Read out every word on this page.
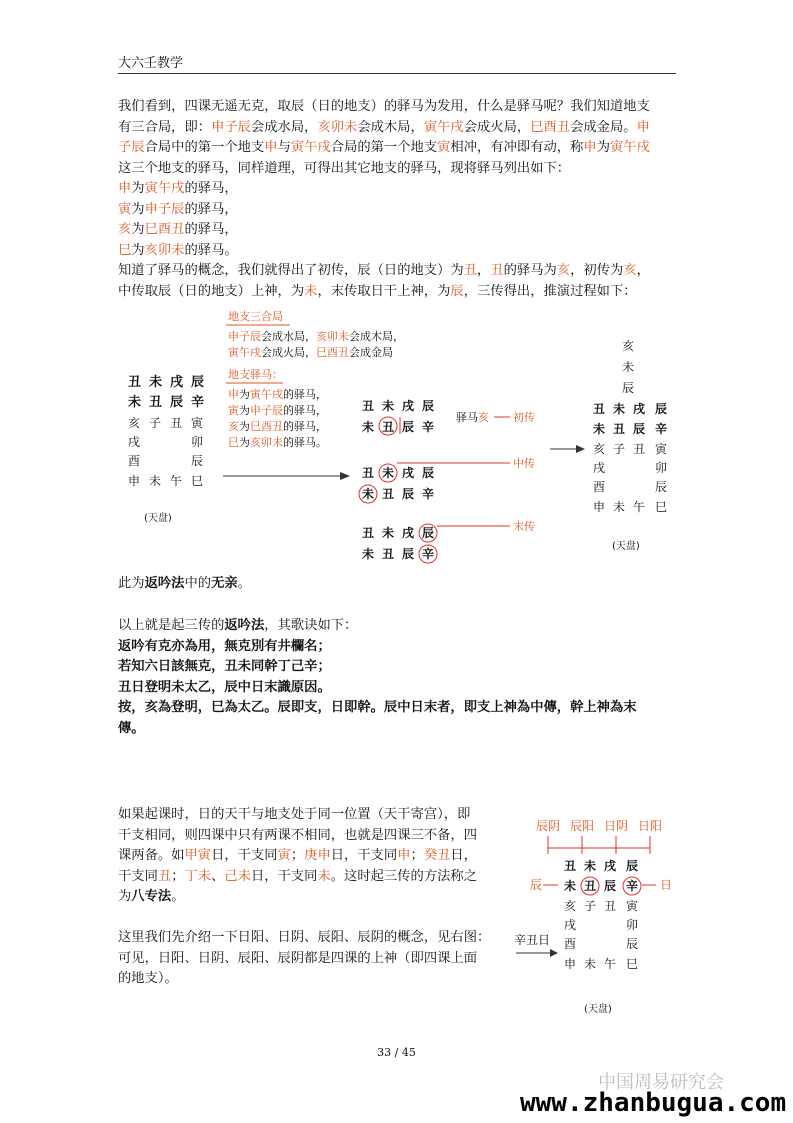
大六壬教学

我们看到，四课无遥无克，取辰（日的地支）的驿马为发用，什么是驿马呢？我们知道地支

有三合局，即：申子辰会成水局，亥卯未会成木局，寅午戌会成火局，巳酉丑会成金局。申

子辰合局中的第一个地支申与寅午戌合局的第一个地支寅相冲，有冲即有动，称申为寅午戌

这三个地支的驿马，同样道理，可得出其它地支的驿马，现将驿马列出如下：

申为寅午戌的驿马，

寅为申子辰的驿马，

亥为巳酉丑的驿马，

巳为亥卯未的驿马。

知道了驿马的概念，我们就得出了初传，辰（日的地支）为丑，丑的驿马为亥，初传为亥，

中传取辰（日的地支）上神，为未，末传取日干上神，为辰，三传得出，推演过程如下：

地支三合局
申子辰会成水局，亥卯未会成木局，
寅午戌会成火局，巳酉丑会成金局
地支驿马：
申为寅午戌的驿马，
寅为申子辰的驿马，
亥为巳酉丑的驿马，
巳为亥卯未的驿马。
丑 未 戌 辰
未 丑 辰 辛
亥
戌
酉
申
子
未
丑
午
寅
卯
辰
巳
(天盘)
丑 未 戌 辰
未 丑 辰 辛
驿马亥 初传
丑 未 戌 辰
未 丑 辰 辛
中传
丑 未 戌 辰
未 丑 辰 辛
末传
亥
未
辰
丑 未 戌 辰
未 丑 辰 辛
亥
戌
酉
申
子
未
丑
午
寅
卯
辰
巳
(天盘)

此为返吟法中的无亲。

以上就是起三传的返吟法，其歌诀如下：

返吟有克亦為用，無克別有井欄名；

若知六日該無克，丑未同幹丁己辛；

丑日登明未太乙，辰中日末識原因。

按，亥為登明，巳為太乙。辰即支，日即幹。辰中日末者，即支上神為中傳，幹上神為末

傳。

如果起课时，日的天干与地支处于同一位置（天干寄宫），即

干支相同，则四课中只有两课不相同，也就是四课三不备，四

课两备。如甲寅日，干支同寅；庚申日，干支同申；癸丑日，

干支同丑；丁未、己未日，干支同未。这时起三传的方法称之

为八专法。

这里我们先介绍一下日阳、日阴、辰阳、辰阴的概念，见右图：

可见，日阳、日阴、辰阳、辰阴都是四课的上神（即四课上面

的地支）。

辰阴 辰阳 日阴 日阳
丑 未 戌 辰
未 丑 辰 辛
辰	日
亥
戌
酉
申
子
未
丑
午
寅
卯
辰
巳
辛丑日
(天盘)
33 / 45
中国周易研究会
www.zhanbugua.com
